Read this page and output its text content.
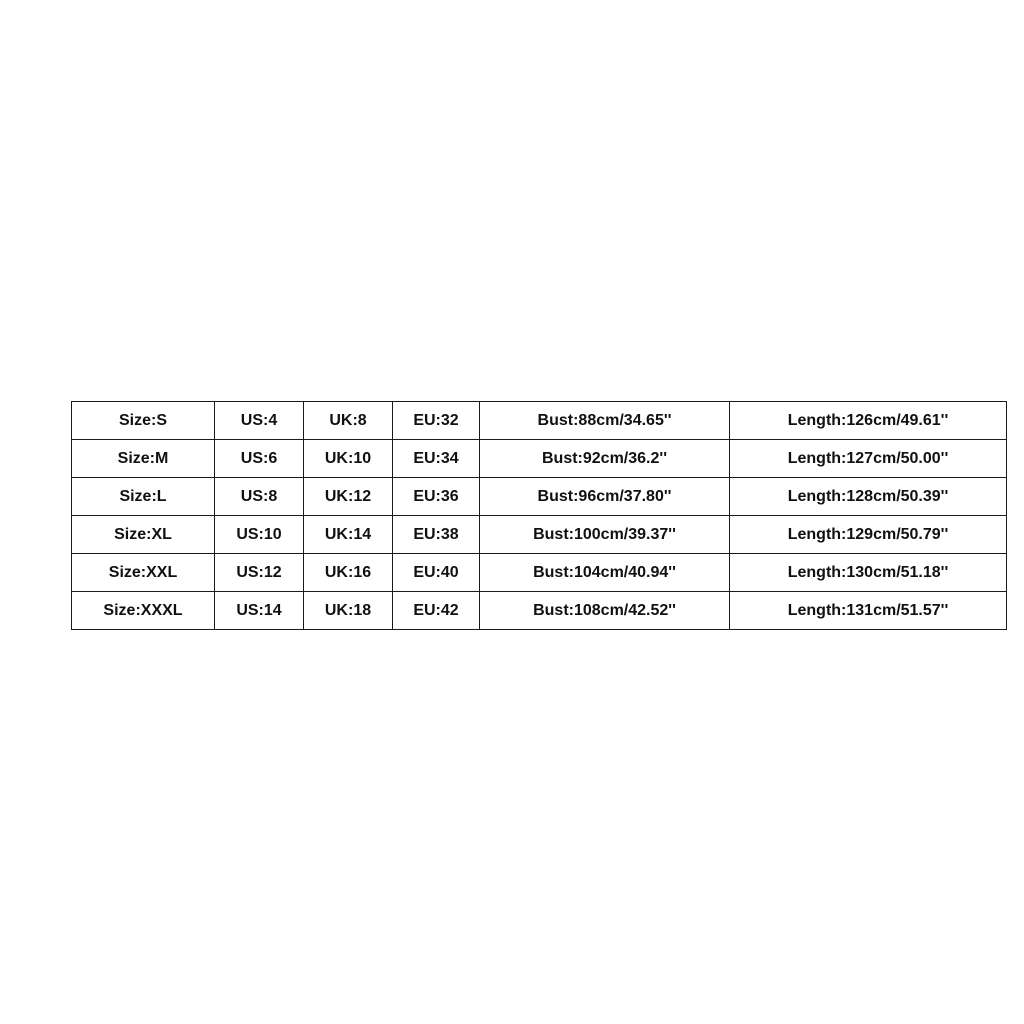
Size:S	US:4	UK:8	EU:32	Bust:88cm/34.65''	Length:126cm/49.61''
Size:M	US:6	UK:10	EU:34	Bust:92cm/36.2''	Length:127cm/50.00''
Size:L	US:8	UK:12	EU:36	Bust:96cm/37.80''	Length:128cm/50.39''
Size:XL	US:10	UK:14	EU:38	Bust:100cm/39.37''	Length:129cm/50.79''
Size:XXL	US:12	UK:16	EU:40	Bust:104cm/40.94''	Length:130cm/51.18''
Size:XXXL	US:14	UK:18	EU:42	Bust:108cm/42.52''	Length:131cm/51.57''
